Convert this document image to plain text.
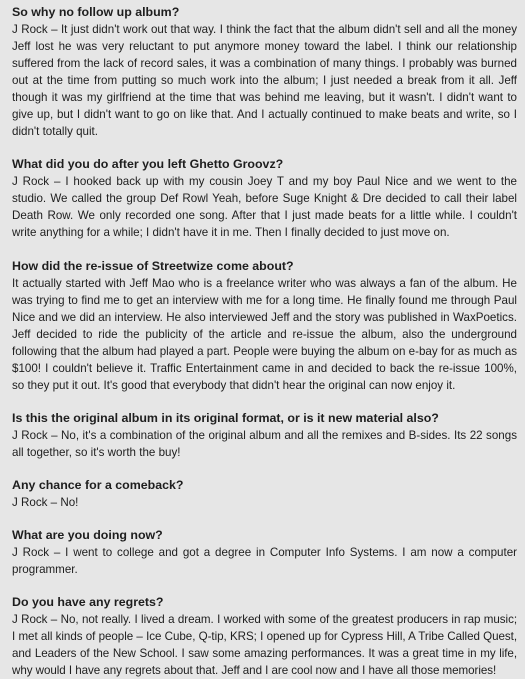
So why no follow up album?

J Rock – It just didn't work out that way. I think the fact that the album didn't sell and all the money Jeff lost he was very reluctant to put anymore money toward the label. I think our relationship suffered from the lack of record sales, it was a combination of many things. I probably was burned out at the time from putting so much work into the album; I just needed a break from it all. Jeff though it was my girlfriend at the time that was behind me leaving, but it wasn't. I didn't want to give up, but I didn't want to go on like that. And I actually continued to make beats and write, so I didn't totally quit.

What did you do after you left Ghetto Groovz?

J Rock – I hooked back up with my cousin Joey T and my boy Paul Nice and we went to the studio. We called the group Def Rowl Yeah, before Suge Knight & Dre decided to call their label Death Row. We only recorded one song. After that I just made beats for a little while. I couldn't write anything for a while; I didn't have it in me. Then I finally decided to just move on.

How did the re-issue of Streetwize come about?

It actually started with Jeff Mao who is a freelance writer who was always a fan of the album. He was trying to find me to get an interview with me for a long time. He finally found me through Paul Nice and we did an interview. He also interviewed Jeff and the story was published in WaxPoetics. Jeff decided to ride the publicity of the article and re-issue the album, also the underground following that the album had played a part. People were buying the album on e-bay for as much as $100! I couldn't believe it. Traffic Entertainment came in and decided to back the re-issue 100%, so they put it out. It's good that everybody that didn't hear the original can now enjoy it.

Is this the original album in its original format, or is it new material also?

J Rock – No, it's a combination of the original album and all the remixes and B-sides. Its 22 songs all together, so it's worth the buy!

Any chance for a comeback?

J Rock – No!

What are you doing now?

J Rock – I went to college and got a degree in Computer Info Systems. I am now a computer programmer.

Do you have any regrets?

J Rock – No, not really. I lived a dream. I worked with some of the greatest producers in rap music; I met all kinds of people – Ice Cube, Q-tip, KRS; I opened up for Cypress Hill, A Tribe Called Quest, and Leaders of the New School. I saw some amazing performances. It was a great time in my life, why would I have any regrets about that. Jeff and I are cool now and I have all those memories!
